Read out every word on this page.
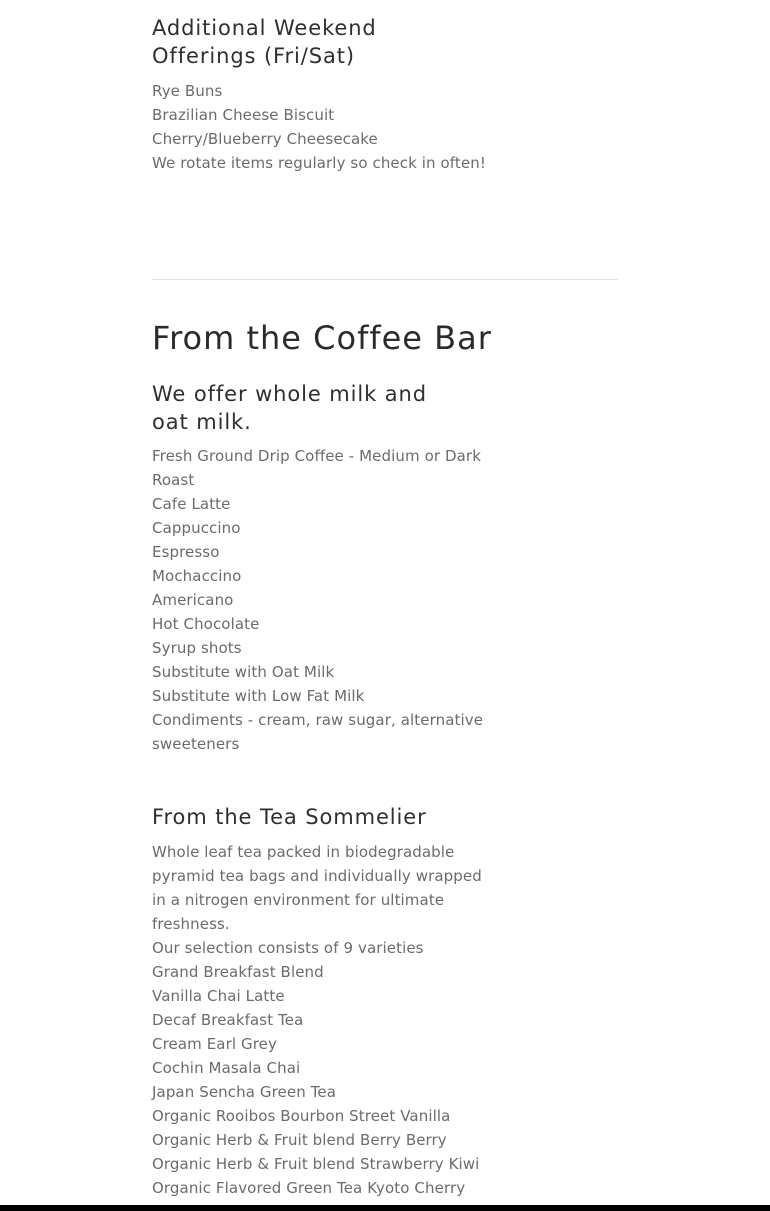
Additional Weekend Offerings (Fri/Sat)
Rye Buns
Brazilian Cheese Biscuit
Cherry/Blueberry Cheesecake
We rotate items regularly so check in often!
From the Coffee Bar
We offer whole milk and oat milk.
Fresh Ground Drip Coffee - Medium or Dark Roast
Cafe Latte
Cappuccino
Espresso
Mochaccino
Americano
Hot Chocolate
Syrup shots
Substitute with Oat Milk
Substitute with Low Fat Milk
Condiments - cream, raw sugar, alternative sweeteners
From the Tea Sommelier
Whole leaf tea packed in biodegradable pyramid tea bags and individually wrapped in a nitrogen environment for ultimate freshness.
Our selection consists of 9 varieties
Grand Breakfast Blend
Vanilla Chai Latte
Decaf Breakfast Tea
Cream Earl Grey
Cochin Masala Chai
Japan Sencha Green Tea
Organic Rooibos Bourbon Street Vanilla
Organic Herb & Fruit blend Berry Berry
Organic Herb & Fruit blend Strawberry Kiwi
Organic Flavored Green Tea Kyoto Cherry
